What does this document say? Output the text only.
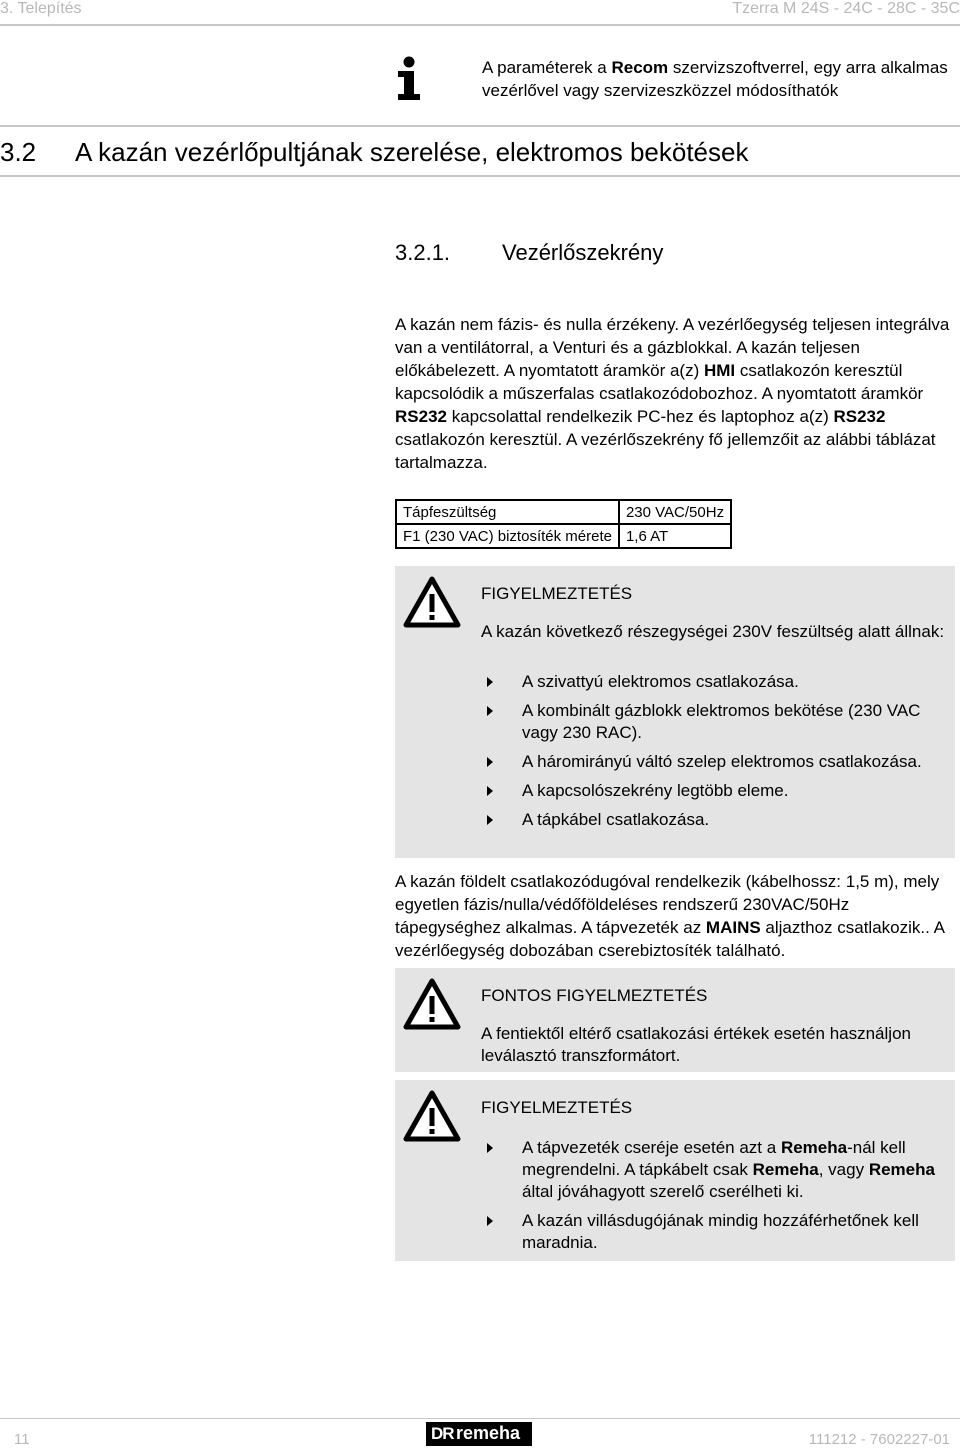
3. Telepítés	Tzerra M 24S - 24C - 28C - 35C
A paraméterek a Recom szervizszoftverrel, egy arra alkalmas vezérlővel vagy szervizeszközzel módosíthatók
3.2 A kazán vezérlőpultjának szerelése, elektromos bekötések
3.2.1. Vezérlőszekrény
A kazán nem fázis- és nulla érzékeny. A vezérlőegység teljesen integrálva van a ventilátorral, a Venturi és a gázblokkal. A kazán teljesen előkábelezett. A nyomtatott áramkör a(z) HMI csatlakozón keresztül kapcsolódik a műszerfalas csatlakozódobozhoz. A nyomtatott áramkör RS232 kapcsolattal rendelkezik PC-hez és laptophoz a(z) RS232 csatlakozón keresztül. A vezérlőszekrény fő jellemzőit az alábbi táblázat tartalmazza.
Tápfeszültség	230 VAC/50Hz
F1 (230 VAC) biztosíték mérete	1,6 AT
FIGYELMEZTETÉS
A kazán következő részegységei 230V feszültség alatt állnak:
A szivattyú elektromos csatlakozása.
A kombinált gázblokk elektromos bekötése (230 VAC vagy 230 RAC).
A háromirányú váltó szelep elektromos csatlakozása.
A kapcsolószekrény legtöbb eleme.
A tápkábel csatlakozása.
A kazán földelt csatlakozódugóval rendelkezik (kábelhossz: 1,5 m), mely egyetlen fázis/nulla/védőföldeléses rendszerű 230VAC/50Hz tápegységhez alkalmas. A tápvezeték az MAINS aljazthoz csatlakozik.. A vezérlőegység dobozában cserebiztosíték található.
FONTOS FIGYELMEZTETÉS
A fentiektől eltérő csatlakozási értékek esetén használjon leválasztó transzformátort.
FIGYELMEZTETÉS
A tápvezeték cseréje esetén azt a Remeha-nál kell megrendelni. A tápkábelt csak Remeha, vagy Remeha által jóváhagyott szerelő cserélheti ki.
A kazán villásdugójának mindig hozzáférhetőnek kell maradnia.
11	DR remeha	111212 - 7602227-01
